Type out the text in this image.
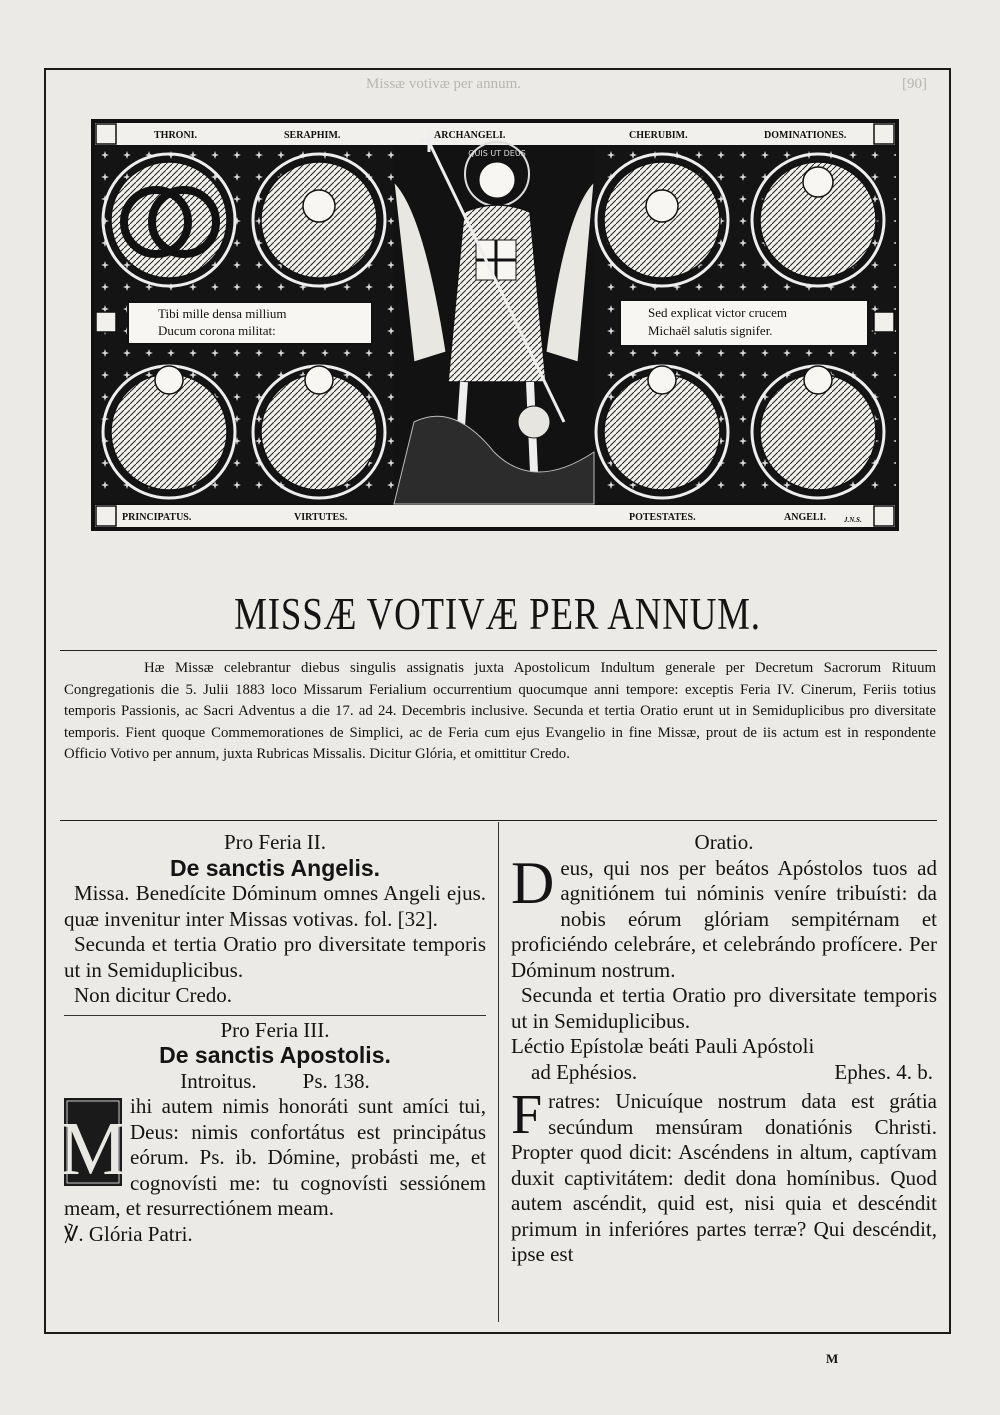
Missæ votivæ per annum.	[90]
QUIS UT DEUS
Tibi mille densa millium
Ducum corona militat:
Sed explicat victor crucem
Michaël salutis signifer.
THRONI.	SERAPHIM.	ARCHANGELI.	CHERUBIM.	DOMINATIONES.
PRINCIPATUS.	VIRTUTES.	POTESTATES.	ANGELI.	J.N.S.
MISSÆ VOTIVÆ PER ANNUM.

Hæ Missæ celebrantur diebus singulis assignatis juxta Apostolicum Indultum generale per Decretum Sacrorum Rituum Congregationis die 5. Julii 1883 loco Missarum Ferialium occurrentium quocumque anni tempore: exceptis Feria IV. Cinerum, Feriis totius temporis Passionis, ac Sacri Adventus a die 17. ad 24. Decembris inclusive. Secunda et tertia Oratio erunt ut in Semiduplicibus pro diversitate temporis. Fient quoque Commemorationes de Simplici, ac de Feria cum ejus Evangelio in fine Missæ, prout de iis actum est in respondente Officio Votivo per annum, juxta Rubricas Missalis. Dicitur Glória, et omittitur Credo.

Pro Feria II.
De sanctis Angelis.
Missa. Benedícite Dóminum omnes Angeli ejus. quæ invenitur inter Missas votivas. fol. [32].
Secunda et tertia Oratio pro diversitate temporis ut in Semiduplicibus.
Non dicitur Credo.
Pro Feria III.
De sanctis Apostolis.
Introitus. Ps. 138.
M
ihi autem nimis honoráti sunt amíci tui, Deus: nimis confortátus est principátus eórum. Ps. ib. Dómine, probásti me, et cognovísti me: tu cognovísti sessiónem meam, et resurrectiónem meam.
℣. Glória Patri.
Oratio.
D eus, qui nos per beátos Apóstolos tuos ad agnitiónem tui nóminis veníre tribuísti: da nobis eórum glóriam sempitérnam et proficiéndo celebráre, et celebrándo profícere. Per Dóminum nostrum.
Secunda et tertia Oratio pro diversitate temporis ut in Semiduplicibus.
Léctio Epístolæ beáti Pauli Apóstoli
ad Ephésios.	Ephes. 4. b.
F ratres: Unicuíque nostrum data est grátia secúndum mensúram donatiónis Christi. Propter quod dicit: Ascéndens in altum, captívam duxit captivitátem: dedit dona homínibus. Quod autem ascéndit, quid est, nisi quia et descéndit primum in inferióres partes terræ? Qui descéndit, ipse est
M
